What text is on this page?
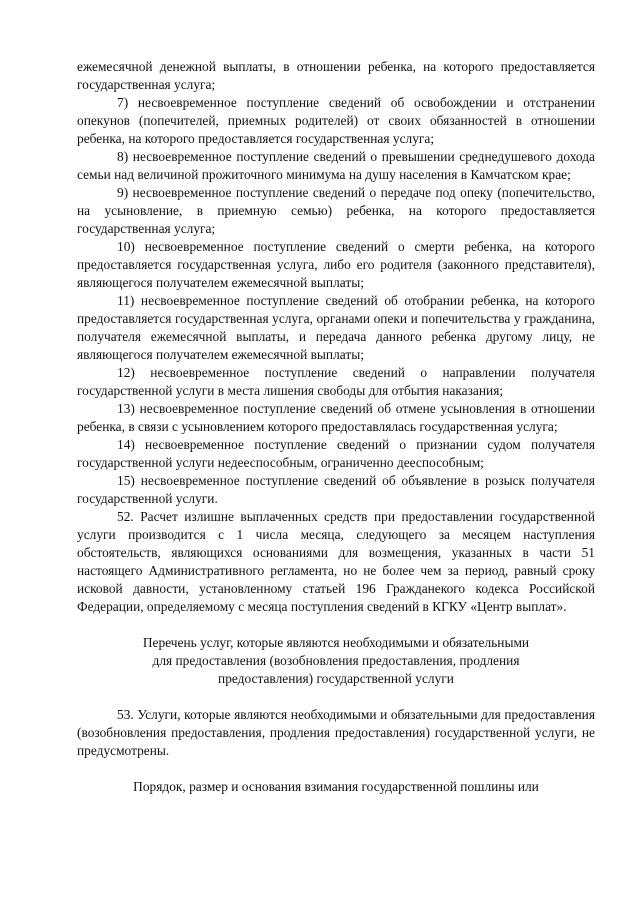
ежемесячной денежной выплаты, в отношении ребенка, на которого предоставляется государственная услуга;

7) несвоевременное поступление сведений об освобождении и отстранении опекунов (попечителей, приемных родителей) от своих обязанностей в отношении ребенка, на которого предоставляется государственная услуга;

8) несвоевременное поступление сведений о превышении среднедушевого дохода семьи над величиной прожиточного минимума на душу населения в Камчатском крае;

9) несвоевременное поступление сведений о передаче под опеку (попечительство, на усыновление, в приемную семью) ребенка, на которого предоставляется государственная услуга;

10) несвоевременное поступление сведений о смерти ребенка, на которого предоставляется государственная услуга, либо его родителя (законного представителя), являющегося получателем ежемесячной выплаты;

11) несвоевременное поступление сведений об отобрании ребенка, на которого предоставляется государственная услуга, органами опеки и попечительства у гражданина, получателя ежемесячной выплаты, и передача данного ребенка другому лицу, не являющегося получателем ежемесячной выплаты;

12) несвоевременное поступление сведений о направлении получателя государственной услуги в места лишения свободы для отбытия наказания;

13) несвоевременное поступление сведений об отмене усыновления в отношении ребенка, в связи с усыновлением которого предоставлялась государственная услуга;

14) несвоевременное поступление сведений о признании судом получателя государственной услуги недееспособным, ограниченно дееспособным;

15) несвоевременное поступление сведений об объявление в розыск получателя государственной услуги.

52. Расчет излишне выплаченных средств при предоставлении государственной услуги производится с 1 числа месяца, следующего за месяцем наступления обстоятельств, являющихся основаниями для возмещения, указанных в части 51 настоящего Административного регламента, но не более чем за период, равный сроку исковой давности, установленному статьей 196 Гражданекого кодекса Российской Федерации, определяемому с месяца поступления сведений в КГКУ «Центр выплат».

Перечень услуг, которые являются необходимыми и обязательными

для предоставления (возобновления предоставления, продления

предоставления) государственной услуги

53. Услуги, которые являются необходимыми и обязательными для предоставления (возобновления предоставления, продления предоставления) государственной услуги, не предусмотрены.

Порядок, размер и основания взимания государственной пошлины или
